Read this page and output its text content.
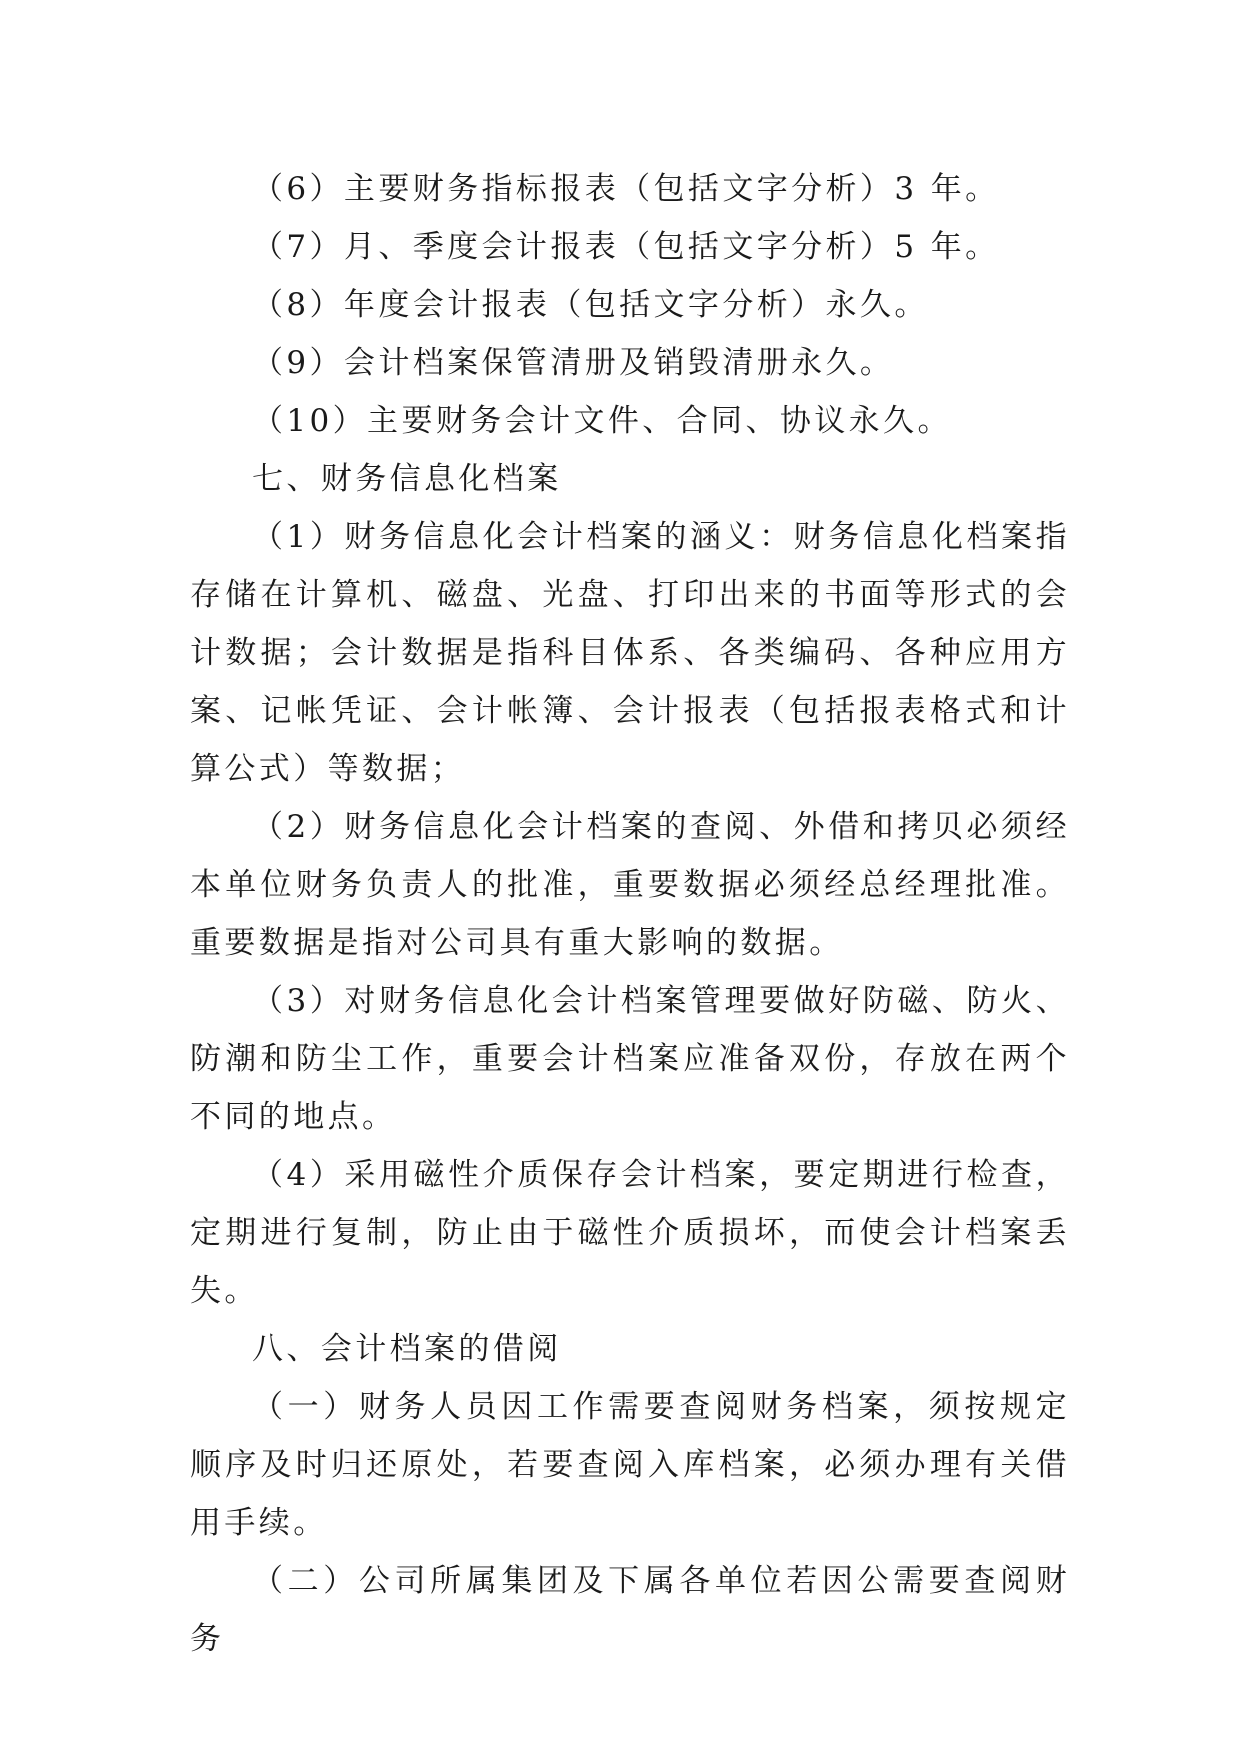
（6）主要财务指标报表（包括文字分析）3 年。

（7）月、季度会计报表（包括文字分析）5 年。

（8）年度会计报表（包括文字分析）永久。

（9）会计档案保管清册及销毁清册永久。

（10）主要财务会计文件、合同、协议永久。

七、财务信息化档案

（1）财务信息化会计档案的涵义：财务信息化档案指存储在计算机、磁盘、光盘、打印出来的书面等形式的会计数据；会计数据是指科目体系、各类编码、各种应用方案、记帐凭证、会计帐簿、会计报表（包括报表格式和计算公式）等数据；

（2）财务信息化会计档案的查阅、外借和拷贝必须经本单位财务负责人的批准，重要数据必须经总经理批准。重要数据是指对公司具有重大影响的数据。

（3）对财务信息化会计档案管理要做好防磁、防火、防潮和防尘工作，重要会计档案应准备双份，存放在两个不同的地点。

（4）采用磁性介质保存会计档案，要定期进行检查，定期进行复制，防止由于磁性介质损坏，而使会计档案丢失。

八、会计档案的借阅

（一）财务人员因工作需要查阅财务档案，须按规定顺序及时归还原处，若要查阅入库档案，必须办理有关借用手续。

（二）公司所属集团及下属各单位若因公需要查阅财务
